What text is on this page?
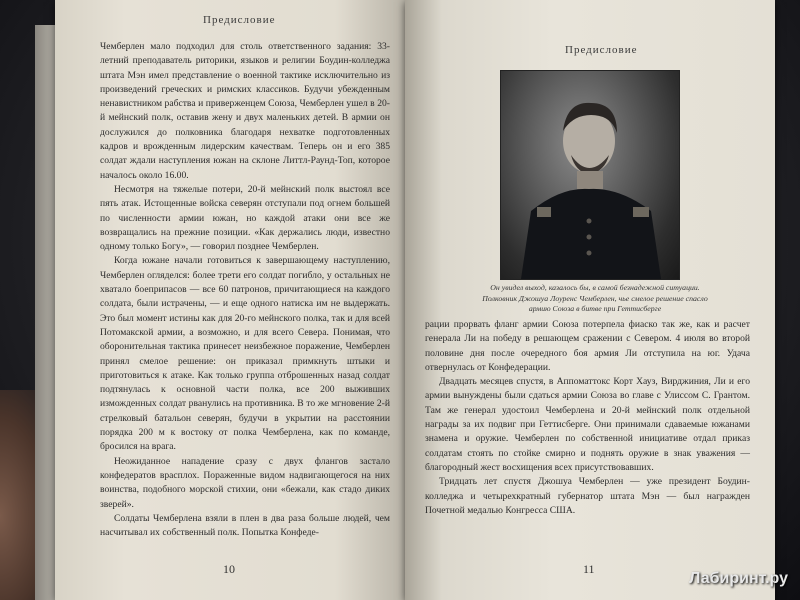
Предисловие

Чемберлен мало подходил для столь ответственного задания: 33-летний преподаватель риторики, языков и религии Боудин-колледжа штата Мэн имел представление о военной тактике исключительно из произведений греческих и римских классиков. Будучи убежденным ненавистником рабства и приверженцем Союза, Чемберлен ушел в 20-й мейнский полк, оставив жену и двух маленьких детей. В армии он дослужился до полковника благодаря нехватке подготовленных кадров и врожденным лидерским качествам. Теперь он и его 385 солдат ждали наступления южан на склоне Литтл-Раунд-Топ, которое началось около 16.00.

Несмотря на тяжелые потери, 20-й мейнский полк выстоял все пять атак. Истощенные войска северян отступали под огнем большей по численности армии южан, но каждой атаки они все же возвращались на прежние позиции. «Как держались люди, известно одному только Богу», — говорил позднее Чемберлен.

Когда южане начали готовиться к завершающему наступлению, Чемберлен огляделся: более трети его солдат погибло, у остальных не хватало боеприпасов — все 60 патронов, причитающиеся на каждого солдата, были истрачены, — и еще одного натиска им не выдержать. Это был момент истины как для 20-го мейнского полка, так и для всей Потомакской армии, а возможно, и для всего Севера. Понимая, что оборонительная тактика принесет неизбежное поражение, Чемберлен принял смелое решение: он приказал примкнуть штыки и приготовиться к атаке. Как только группа отброшенных назад солдат подтянулась к основной части полка, все 200 выживших изможденных солдат рванулись на противника. В то же мгновение 2-й стрелковый батальон северян, будучи в укрытии на расстоянии порядка 200 м к востоку от полка Чемберлена, как по команде, бросился на врага.

Неожиданное нападение сразу с двух флангов застало конфедератов врасплох. Пораженные видом надвигающегося на них воинства, подобного морской стихии, они «бежали, как стадо диких зверей».

Солдаты Чемберлена взяли в плен в два раза больше людей, чем насчитывал их собственный полк. Попытка Конфеде-

10
Предисловие
Он увидел выход, казалось бы, в самой безнадежной ситуации. Полковник Джошуа Лоуренс Чемберлен, чье смелое решение спасло армию Союза в битве при Геттисберге

рации прорвать фланг армии Союза потерпела фиаско так же, как и расчет генерала Ли на победу в решающем сражении с Севером. 4 июля во второй половине дня после очередного боя армия Ли отступила на юг. Удача отвернулась от Конфедерации.

Двадцать месяцев спустя, в Аппоматтокс Корт Хауз, Вирджиния, Ли и его армии вынуждены были сдаться армии Союза во главе с Улиссом С. Грантом. Там же генерал удостоил Чемберлена и 20-й мейнский полк отдельной награды за их подвиг при Геттисберге. Они принимали сдаваемые южанами знамена и оружие. Чемберлен по собственной инициативе отдал приказ солдатам стоять по стойке смирно и поднять оружие в знак уважения — благородный жест восхищения всех присутствовавших.

Тридцать лет спустя Джошуа Чемберлен — уже президент Боудин-колледжа и четырехкратный губернатор штата Мэн — был награжден Почетной медалью Конгресса США.

11
Лабиринт.ру
